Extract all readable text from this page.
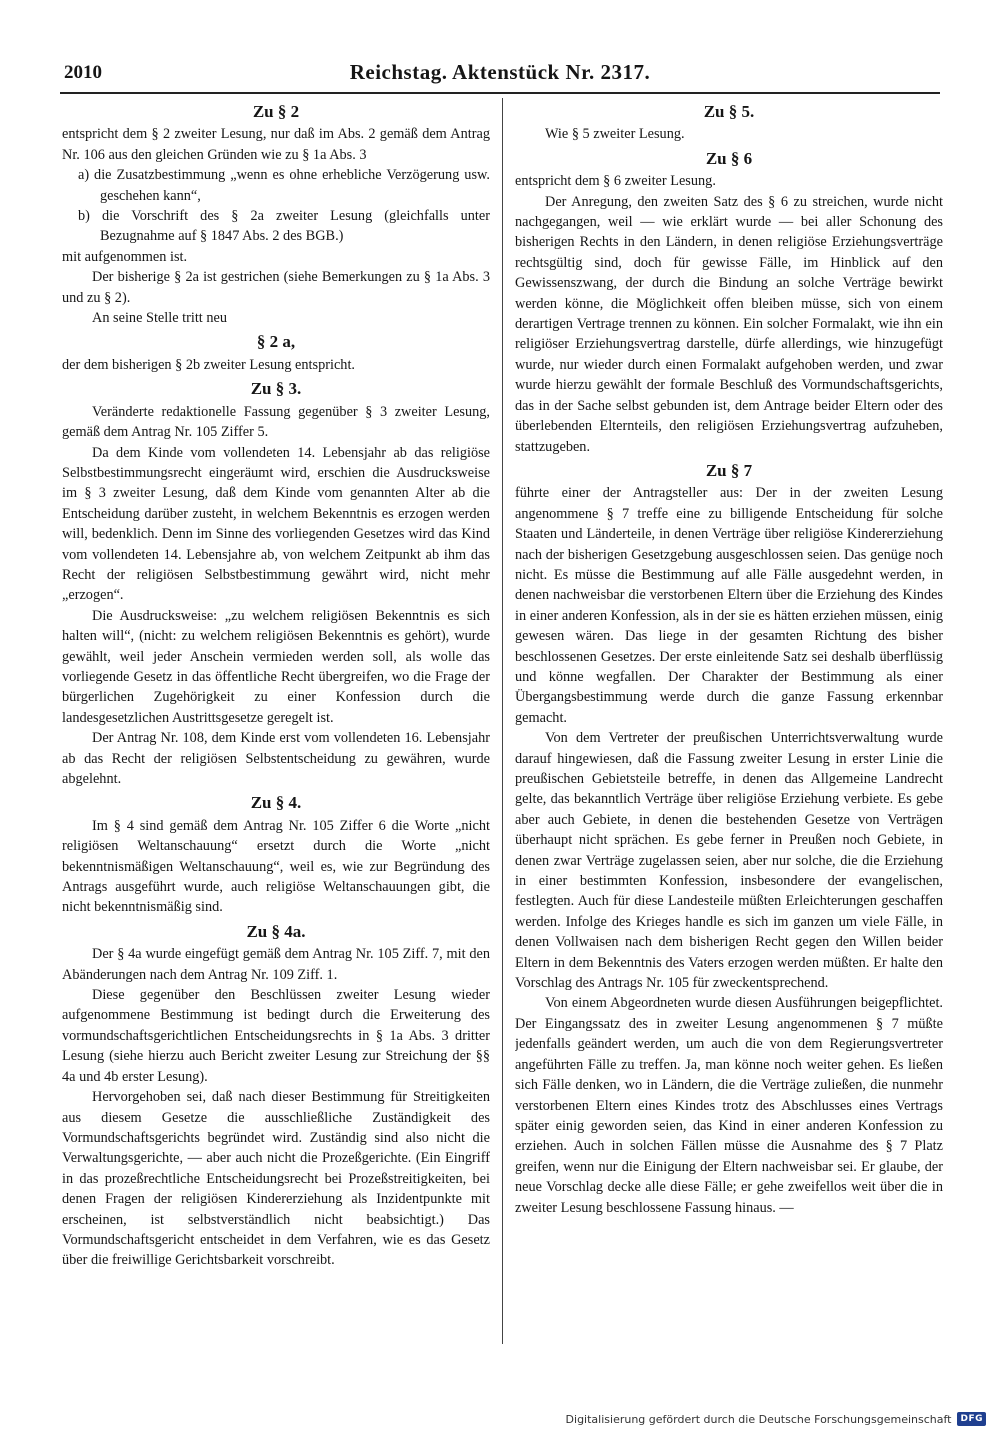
2010	Reichstag. Aktenstück Nr. 2317.
Zu § 2

entspricht dem § 2 zweiter Lesung, nur daß im Abs. 2 gemäß dem Antrag Nr. 106 aus den gleichen Gründen wie zu § 1a Abs. 3

a) die Zusatzbestimmung „wenn es ohne erhebliche Verzögerung usw. geschehen kann“,

b) die Vorschrift des § 2a zweiter Lesung (gleichfalls unter Bezugnahme auf § 1847 Abs. 2 des BGB.)

mit aufgenommen ist.

Der bisherige § 2a ist gestrichen (siehe Bemerkungen zu § 1a Abs. 3 und zu § 2).

An seine Stelle tritt neu

§ 2 a,

der dem bisherigen § 2b zweiter Lesung entspricht.

Zu § 3.

Veränderte redaktionelle Fassung gegenüber § 3 zweiter Lesung, gemäß dem Antrag Nr. 105 Ziffer 5.

Da dem Kinde vom vollendeten 14. Lebensjahr ab das religiöse Selbstbestimmungsrecht eingeräumt wird, erschien die Ausdrucksweise im § 3 zweiter Lesung, daß dem Kinde vom genannten Alter ab die Entscheidung darüber zusteht, in welchem Bekenntnis es erzogen werden will, bedenklich. Denn im Sinne des vorliegenden Gesetzes wird das Kind vom vollendeten 14. Lebensjahre ab, von welchem Zeitpunkt ab ihm das Recht der religiösen Selbstbestimmung gewährt wird, nicht mehr „erzogen“.

Die Ausdrucksweise: „zu welchem religiösen Bekenntnis es sich halten will“, (nicht: zu welchem religiösen Bekenntnis es gehört), wurde gewählt, weil jeder Anschein vermieden werden soll, als wolle das vorliegende Gesetz in das öffentliche Recht übergreifen, wo die Frage der bürgerlichen Zugehörigkeit zu einer Konfession durch die landesgesetzlichen Austrittsgesetze geregelt ist.

Der Antrag Nr. 108, dem Kinde erst vom vollendeten 16. Lebensjahr ab das Recht der religiösen Selbstentscheidung zu gewähren, wurde abgelehnt.

Zu § 4.

Im § 4 sind gemäß dem Antrag Nr. 105 Ziffer 6 die Worte „nicht religiösen Weltanschauung“ ersetzt durch die Worte „nicht bekenntnismäßigen Weltanschauung“, weil es, wie zur Begründung des Antrags ausgeführt wurde, auch religiöse Weltanschauungen gibt, die nicht bekenntnismäßig sind.

Zu § 4a.

Der § 4a wurde eingefügt gemäß dem Antrag Nr. 105 Ziff. 7, mit den Abänderungen nach dem Antrag Nr. 109 Ziff. 1.

Diese gegenüber den Beschlüssen zweiter Lesung wieder aufgenommene Bestimmung ist bedingt durch die Erweiterung des vormundschaftsgerichtlichen Entscheidungsrechts in § 1a Abs. 3 dritter Lesung (siehe hierzu auch Bericht zweiter Lesung zur Streichung der §§ 4a und 4b erster Lesung).

Hervorgehoben sei, daß nach dieser Bestimmung für Streitigkeiten aus diesem Gesetze die ausschließliche Zuständigkeit des Vormundschaftsgerichts begründet wird. Zuständig sind also nicht die Verwaltungsgerichte, — aber auch nicht die Prozeßgerichte. (Ein Eingriff in das prozeßrechtliche Entscheidungsrecht bei Prozeßstreitigkeiten, bei denen Fragen der religiösen Kindererziehung als Inzidentpunkte mit erscheinen, ist selbstverständlich nicht beabsichtigt.) Das Vormundschaftsgericht entscheidet in dem Verfahren, wie es das Gesetz über die freiwillige Gerichtsbarkeit vorschreibt.

Zu § 5.

Wie § 5 zweiter Lesung.

Zu § 6

entspricht dem § 6 zweiter Lesung.

Der Anregung, den zweiten Satz des § 6 zu streichen, wurde nicht nachgegangen, weil — wie erklärt wurde — bei aller Schonung des bisherigen Rechts in den Ländern, in denen religiöse Erziehungsverträge rechtsgültig sind, doch für gewisse Fälle, im Hinblick auf den Gewissenszwang, der durch die Bindung an solche Verträge bewirkt werden könne, die Möglichkeit offen bleiben müsse, sich von einem derartigen Vertrage trennen zu können. Ein solcher Formalakt, wie ihn ein religiöser Erziehungsvertrag darstelle, dürfe allerdings, wie hinzugefügt wurde, nur wieder durch einen Formalakt aufgehoben werden, und zwar wurde hierzu gewählt der formale Beschluß des Vormundschaftsgerichts, das in der Sache selbst gebunden ist, dem Antrage beider Eltern oder des überlebenden Elternteils, den religiösen Erziehungsvertrag aufzuheben, stattzugeben.

Zu § 7

führte einer der Antragsteller aus: Der in der zweiten Lesung angenommene § 7 treffe eine zu billigende Entscheidung für solche Staaten und Länderteile, in denen Verträge über religiöse Kindererziehung nach der bisherigen Gesetzgebung ausgeschlossen seien. Das genüge noch nicht. Es müsse die Bestimmung auf alle Fälle ausgedehnt werden, in denen nachweisbar die verstorbenen Eltern über die Erziehung des Kindes in einer anderen Konfession, als in der sie es hätten erziehen müssen, einig gewesen wären. Das liege in der gesamten Richtung des bisher beschlossenen Gesetzes. Der erste einleitende Satz sei deshalb überflüssig und könne wegfallen. Der Charakter der Bestimmung als einer Übergangsbestimmung werde durch die ganze Fassung erkennbar gemacht.

Von dem Vertreter der preußischen Unterrichtsverwaltung wurde darauf hingewiesen, daß die Fassung zweiter Lesung in erster Linie die preußischen Gebietsteile betreffe, in denen das Allgemeine Landrecht gelte, das bekanntlich Verträge über religiöse Erziehung verbiete. Es gebe aber auch Gebiete, in denen die bestehenden Gesetze von Verträgen überhaupt nicht sprächen. Es gebe ferner in Preußen noch Gebiete, in denen zwar Verträge zugelassen seien, aber nur solche, die die Erziehung in einer bestimmten Konfession, insbesondere der evangelischen, festlegten. Auch für diese Landesteile müßten Erleichterungen geschaffen werden. Infolge des Krieges handle es sich im ganzen um viele Fälle, in denen Vollwaisen nach dem bisherigen Recht gegen den Willen beider Eltern in dem Bekenntnis des Vaters erzogen werden müßten. Er halte den Vorschlag des Antrags Nr. 105 für zweckentsprechend.

Von einem Abgeordneten wurde diesen Ausführungen beigepflichtet. Der Eingangssatz des in zweiter Lesung angenommenen § 7 müßte jedenfalls geändert werden, um auch die von dem Regierungsvertreter angeführten Fälle zu treffen. Ja, man könne noch weiter gehen. Es ließen sich Fälle denken, wo in Ländern, die die Verträge zuließen, die nunmehr verstorbenen Eltern eines Kindes trotz des Abschlusses eines Vertrags später einig geworden seien, das Kind in einer anderen Konfession zu erziehen. Auch in solchen Fällen müsse die Ausnahme des § 7 Platz greifen, wenn nur die Einigung der Eltern nachweisbar sei. Er glaube, der neue Vorschlag decke alle diese Fälle; er gehe zweifellos weit über die in zweiter Lesung beschlossene Fassung hinaus. —

Digitalisierung gefördert durch die Deutsche Forschungsgemeinschaft	DFG
